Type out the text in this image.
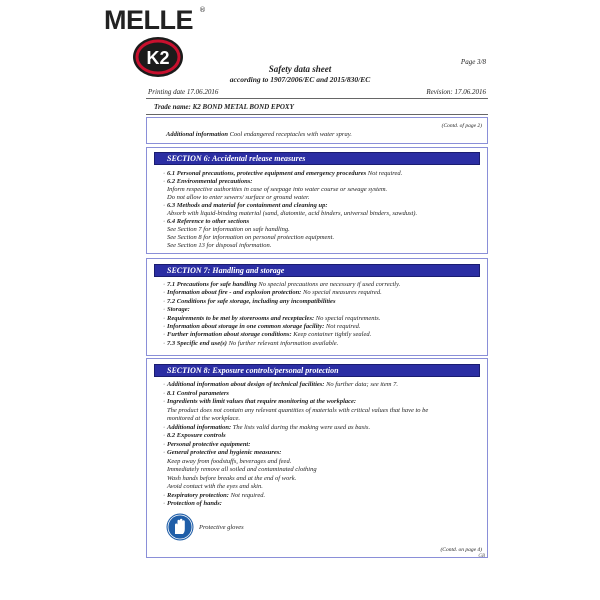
MELLE ®
K2	Page 3/8
Safety data sheet
according to 1907/2006/EC and 2015/830/EC
Printing date 17.06.2016	Revision: 17.06.2016
Trade name: K2 BOND METAL BOND EPOXY
(Contd. of page 2)
Additional information Cool endangered receptacles with water spray.
SECTION 6: Accidental release measures
· 6.1 Personal precautions, protective equipment and emergency procedures Not required.
· 6.2 Environmental precautions:
Inform respective authorities in case of seepage into water course or sewage system.
Do not allow to enter sewers/ surface or ground water.
· 6.3 Methods and material for containment and cleaning up:
Absorb with liquid-binding material (sand, diatomite, acid binders, universal binders, sawdust).
· 6.4 Reference to other sections
See Section 7 for information on safe handling.
See Section 8 for information on personal protection equipment.
See Section 13 for disposal information.
SECTION 7: Handling and storage
· 7.1 Precautions for safe handling No special precautions are necessary if used correctly.
· Information about fire - and explosion protection: No special measures required.
· 7.2 Conditions for safe storage, including any incompatibilities
· Storage:
· Requirements to be met by storerooms and receptacles: No special requirements.
· Information about storage in one common storage facility: Not required.
· Further information about storage conditions: Keep container tightly sealed.
· 7.3 Specific end use(s) No further relevant information available.
SECTION 8: Exposure controls/personal protection
· Additional information about design of technical facilities: No further data; see item 7.
· 8.1 Control parameters
· Ingredients with limit values that require monitoring at the workplace:
The product does not contain any relevant quantities of materials with critical values that have to be
monitored at the workplace.
· Additional information: The lists valid during the making were used as basis.
· 8.2 Exposure controls
· Personal protective equipment:
· General protective and hygienic measures:
Keep away from foodstuffs, beverages and feed.
Immediately remove all soiled and contaminated clothing
Wash hands before breaks and at the end of work.
Avoid contact with the eyes and skin.
· Respiratory protection: Not required.
· Protection of hands:
Protective gloves
(Contd. on page 4)
GB
